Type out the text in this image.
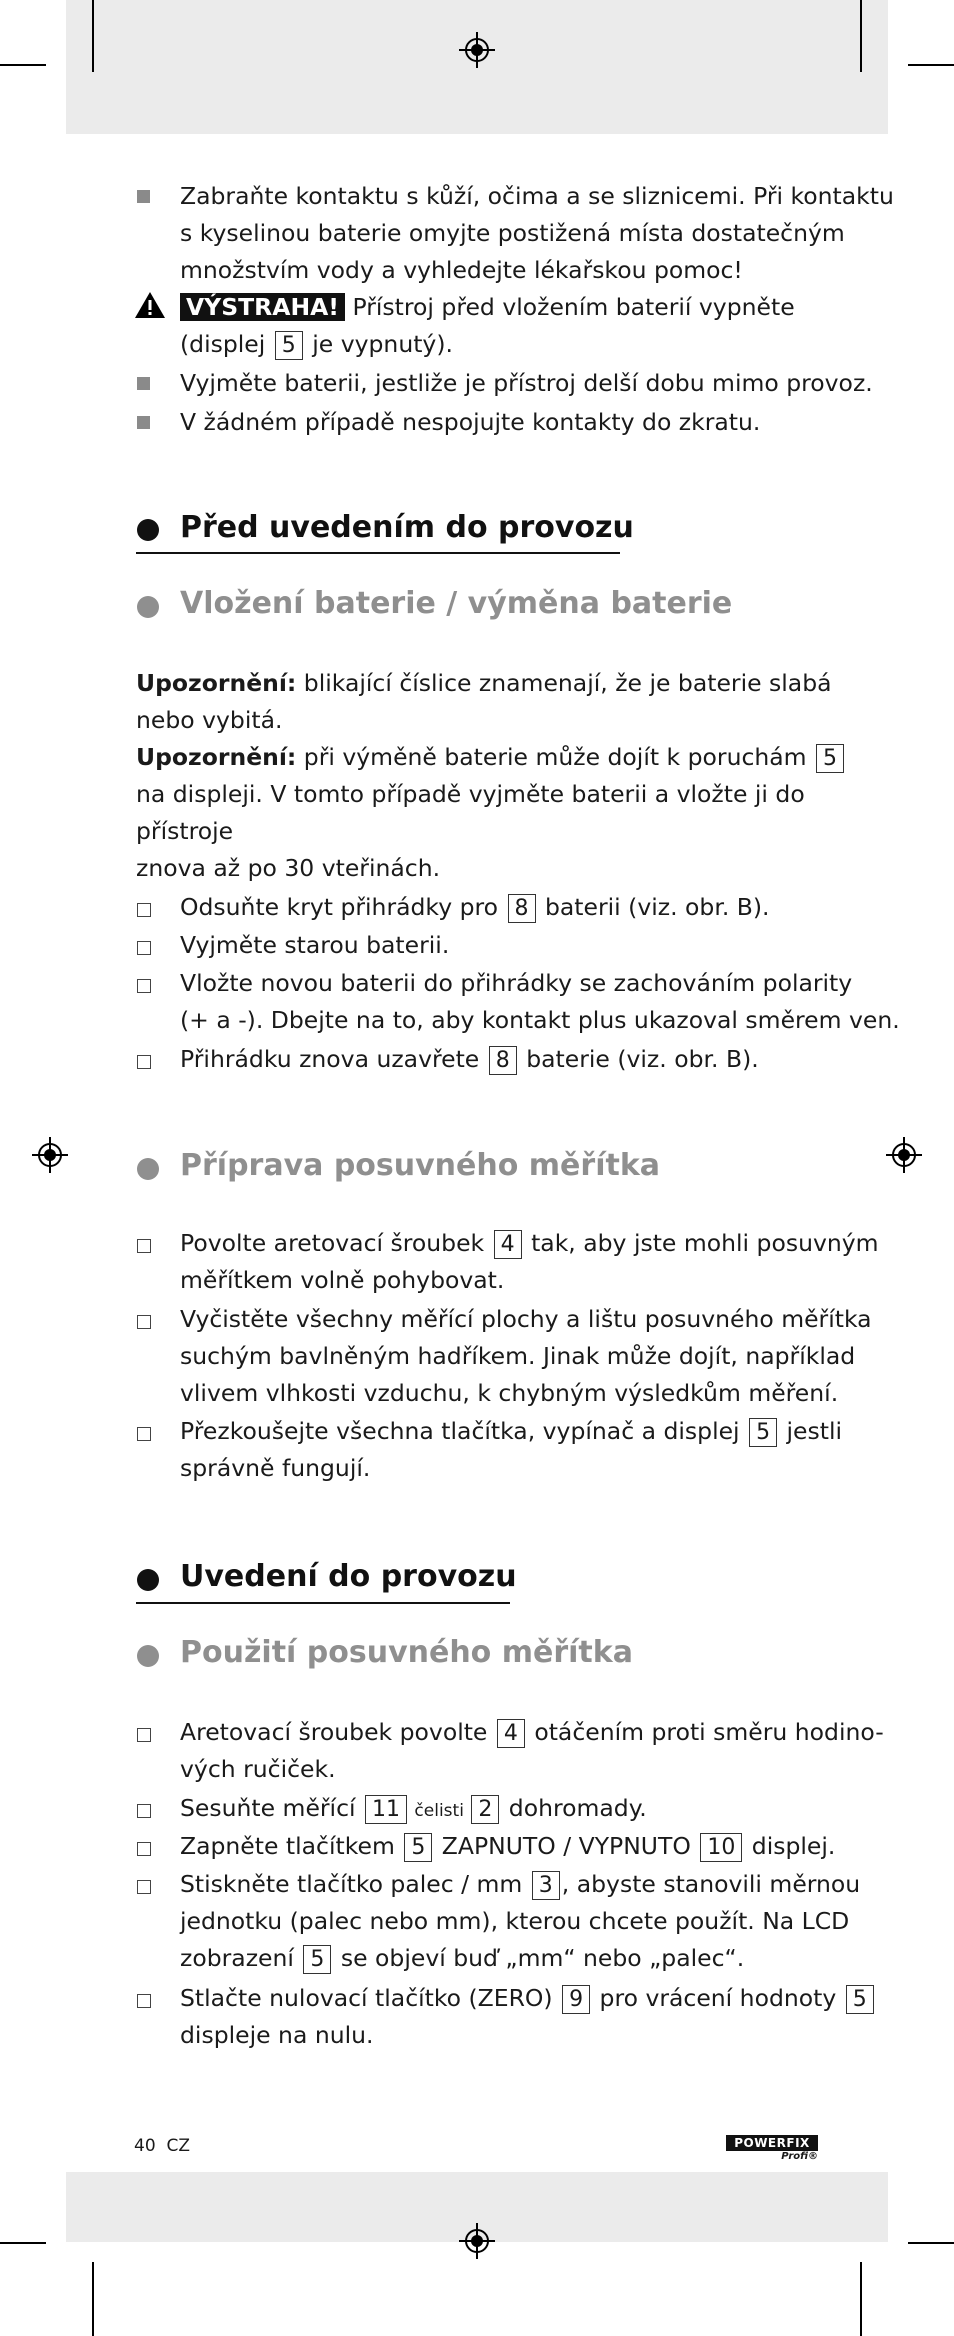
Zabraňte kontaktu s kůží, očima a se sliznicemi. Při kontaktu
s kyselinou baterie omyjte postižená místa dostatečným
množstvím vody a vyhledejte lékařskou pomoc!
VÝSTRAHA! Přístroj před vložením baterií vypněte
(displej 5 je vypnutý).
Vyjměte baterii, jestliže je přístroj delší dobu mimo provoz.
V žádném případě nespojujte kontakty do zkratu.
Před uvedením do provozu
Vložení baterie / výměna baterie
Upozornění: blikající číslice znamenají, že je baterie slabá
nebo vybitá.
Upozornění: při výměně baterie může dojít k poruchám 5
na displeji. V tomto případě vyjměte baterii a vložte ji do přístroje
znova až po 30 vteřinách.
Odsuňte kryt přihrádky pro 8 baterii (viz. obr. B).
Vyjměte starou baterii.
Vložte novou baterii do přihrádky se zachováním polarity
(+ a -). Dbejte na to, aby kontakt plus ukazoval směrem ven.
Přihrádku znova uzavřete 8 baterie (viz. obr. B).
Příprava posuvného měřítka
Povolte aretovací šroubek 4 tak, aby jste mohli posuvným
měřítkem volně pohybovat.
Vyčistěte všechny měřící plochy a lištu posuvného měřítka
suchým bavlněným hadříkem. Jinak může dojít, například
vlivem vlhkosti vzduchu, k chybným výsledkům měření.
Přezkoušejte všechna tlačítka, vypínač a displej 5 jestli
správně fungují.
Uvedení do provozu
Použití posuvného měřítka
Aretovací šroubek povolte 4 otáčením proti směru hodino-
vých ručiček.
Sesuňte měřící 11 čelisti 2 dohromady.
Zapněte tlačítkem 5 ZAPNUTO / VYPNUTO 10 displej.
Stiskněte tlačítko palec / mm 3 , abyste stanovili měrnou
jednotku (palec nebo mm), kterou chcete použít. Na LCD
zobrazení 5 se objeví buď „mm“ nebo „palec“.
Stlačte nulovací tlačítko (ZERO) 9 pro vrácení hodnoty 5
displeje na nulu.
40 CZ	POWERFIX
Profi®
